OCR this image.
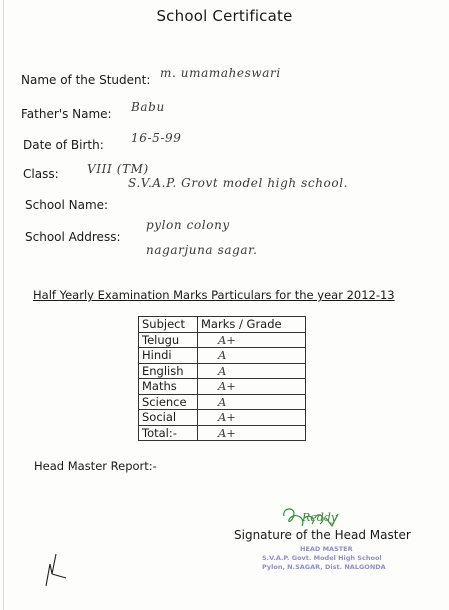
School Certificate
Name of the Student: m. umamaheswari
Father's Name: Babu
Date of Birth: 16-5-99
Class: VIII (TM)
School Name:
S.V.A.P. Grovt model high school.
School Address:
pylon colony
nagarjuna sagar.
Half Yearly Examination Marks Particulars for the year 2012-13
Subject	Marks / Grade
Telugu	A+
Hindi	A
English	A
Maths	A+
Science	A
Social	A+
Total:-	A+
Head Master Report:-
Reddy
Signature of the Head Master
HEAD MASTER
S.V.A.P. Govt. Model High School
Pylon, N.SAGAR, Dist. NALGONDA
